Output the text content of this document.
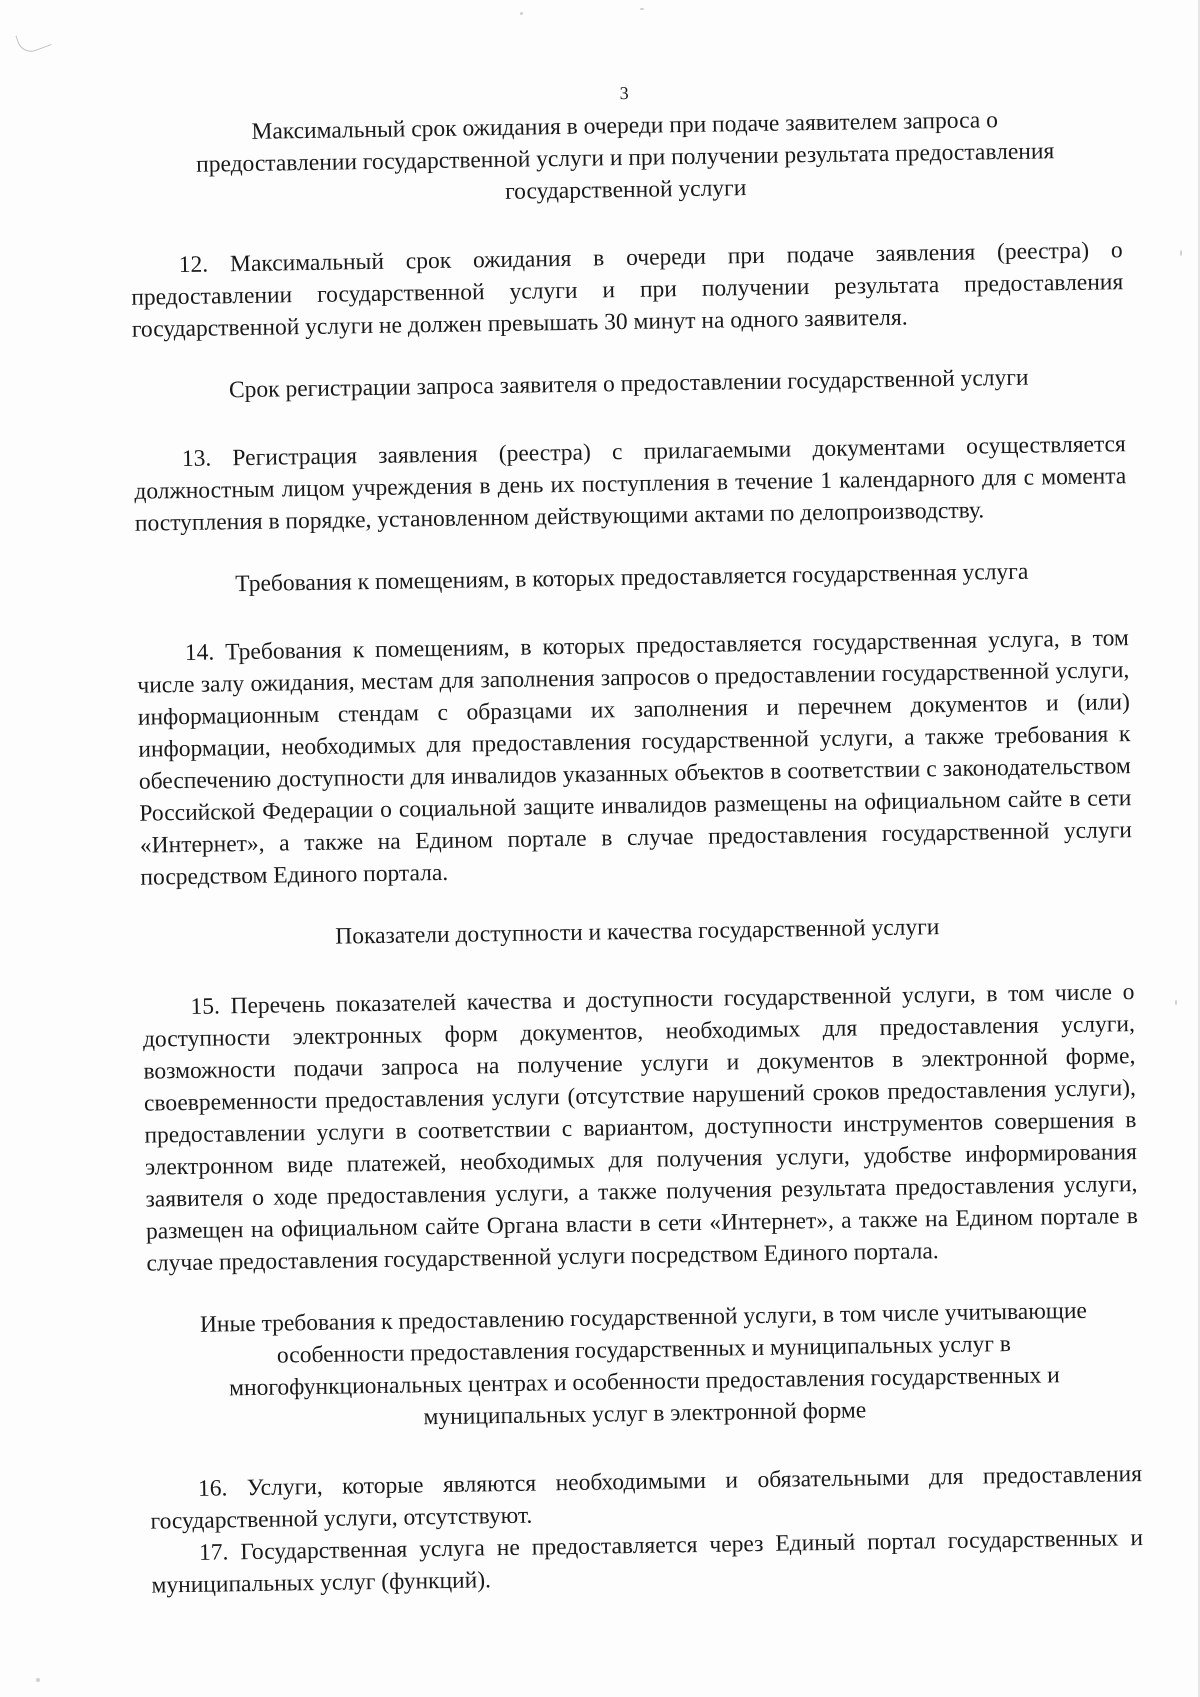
3

Максимальный срок ожидания в очереди при подаче заявителем запроса о предоставлении государственной услуги и при получении результата предоставления государственной услуги

12. Максимальный срок ожидания в очереди при подаче заявления (реестра) о предоставлении государственной услуги и при получении результата предоставления государственной услуги не должен превышать 30 минут на одного заявителя.

Срок регистрации запроса заявителя о предоставлении государственной услуги

13. Регистрация заявления (реестра) с прилагаемыми документами осуществляется должностным лицом учреждения в день их поступления в течение 1 календарного для с момента поступления в порядке, установленном действующими актами по делопроизводству.

Требования к помещениям, в которых предоставляется государственная услуга

14. Требования к помещениям, в которых предоставляется государственная услуга, в том числе залу ожидания, местам для заполнения запросов о предоставлении государственной услуги, информационным стендам с образцами их заполнения и перечнем документов и (или) информации, необходимых для предоставления государственной услуги, а также требования к обеспечению доступности для инвалидов указанных объектов в соответствии с законодательством Российской Федерации о социальной защите инвалидов размещены на официальном сайте в сети «Интернет», а также на Едином портале в случае предоставления государственной услуги посредством Единого портала.

Показатели доступности и качества государственной услуги

15. Перечень показателей качества и доступности государственной услуги, в том числе о доступности электронных форм документов, необходимых для предоставления услуги, возможности подачи запроса на получение услуги и документов в электронной форме, своевременности предоставления услуги (отсутствие нарушений сроков предоставления услуги), предоставлении услуги в соответствии с вариантом, доступности инструментов совершения в электронном виде платежей, необходимых для получения услуги, удобстве информирования заявителя о ходе предоставления услуги, а также получения результата предоставления услуги, размещен на официальном сайте Органа власти в сети «Интернет», а также на Едином портале в случае предоставления государственной услуги посредством Единого портала.

Иные требования к предоставлению государственной услуги, в том числе учитывающие особенности предоставления государственных и муниципальных услуг в многофункциональных центрах и особенности предоставления государственных и муниципальных услуг в электронной форме

16. Услуги, которые являются необходимыми и обязательными для предоставления государственной услуги, отсутствуют.

17. Государственная услуга не предоставляется через Единый портал государственных и муниципальных услуг (функций).
